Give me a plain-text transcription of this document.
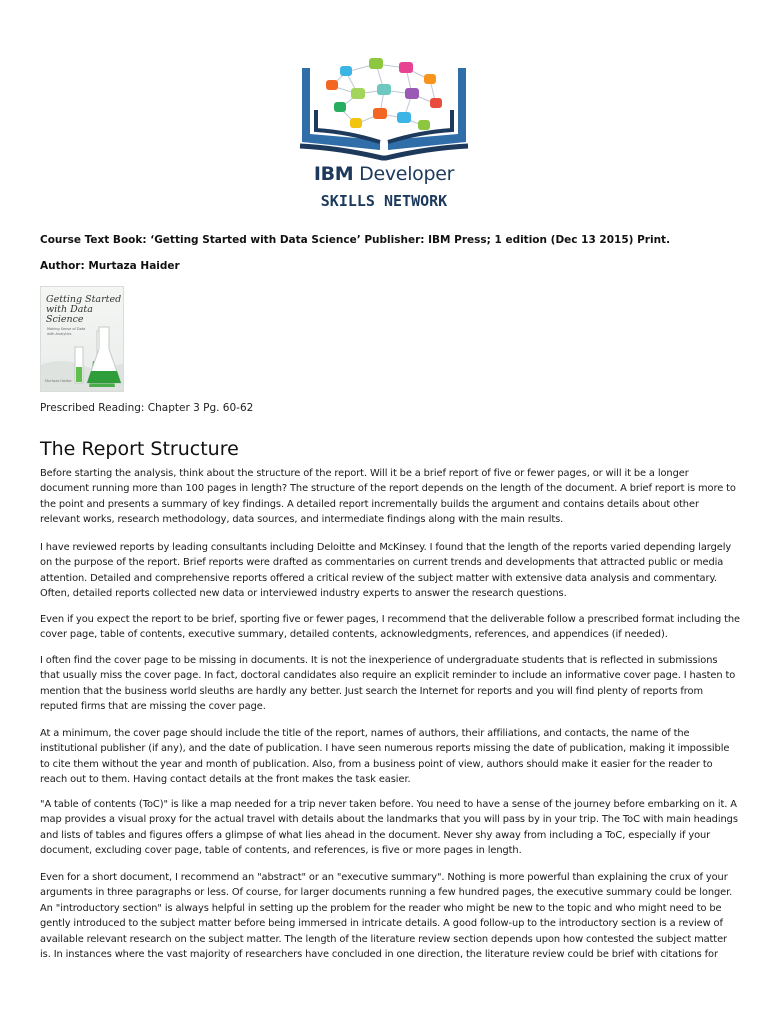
IBM Developer
SKILLS NETWORK
Course Text Book: ‘Getting Started with Data Science’ Publisher: IBM Press; 1 edition (Dec 13 2015) Print.
Author: Murtaza Haider
Getting Started with Data Science
Making Sense of Data with Analytics
Murtaza Haider
Prescribed Reading: Chapter 3 Pg. 60-62
The Report Structure

Before starting the analysis, think about the structure of the report. Will it be a brief report of five or fewer pages, or will it be a longer document running more than 100 pages in length? The structure of the report depends on the length of the document. A brief report is more to the point and presents a summary of key findings. A detailed report incrementally builds the argument and contains details about other relevant works, research methodology, data sources, and intermediate findings along with the main results.

I have reviewed reports by leading consultants including Deloitte and McKinsey. I found that the length of the reports varied depending largely on the purpose of the report. Brief reports were drafted as commentaries on current trends and developments that attracted public or media attention. Detailed and comprehensive reports offered a critical review of the subject matter with extensive data analysis and commentary. Often, detailed reports collected new data or interviewed industry experts to answer the research questions.

Even if you expect the report to be brief, sporting five or fewer pages, I recommend that the deliverable follow a prescribed format including the cover page, table of contents, executive summary, detailed contents, acknowledgments, references, and appendices (if needed).

I often find the cover page to be missing in documents. It is not the inexperience of undergraduate students that is reflected in submissions that usually miss the cover page. In fact, doctoral candidates also require an explicit reminder to include an informative cover page. I hasten to mention that the business world sleuths are hardly any better. Just search the Internet for reports and you will find plenty of reports from reputed firms that are missing the cover page.

At a minimum, the cover page should include the title of the report, names of authors, their affiliations, and contacts, the name of the institutional publisher (if any), and the date of publication. I have seen numerous reports missing the date of publication, making it impossible to cite them without the year and month of publication. Also, from a business point of view, authors should make it easier for the reader to reach out to them. Having contact details at the front makes the task easier.

"A table of contents (ToC)" is like a map needed for a trip never taken before. You need to have a sense of the journey before embarking on it. A map provides a visual proxy for the actual travel with details about the landmarks that you will pass by in your trip. The ToC with main headings and lists of tables and figures offers a glimpse of what lies ahead in the document. Never shy away from including a ToC, especially if your document, excluding cover page, table of contents, and references, is five or more pages in length.

Even for a short document, I recommend an "abstract" or an "executive summary". Nothing is more powerful than explaining the crux of your arguments in three paragraphs or less. Of course, for larger documents running a few hundred pages, the executive summary could be longer. An "introductory section" is always helpful in setting up the problem for the reader who might be new to the topic and who might need to be gently introduced to the subject matter before being immersed in intricate details. A good follow-up to the introductory section is a review of available relevant research on the subject matter. The length of the literature review section depends upon how contested the subject matter is. In instances where the vast majority of researchers have concluded in one direction, the literature review could be brief with citations for
